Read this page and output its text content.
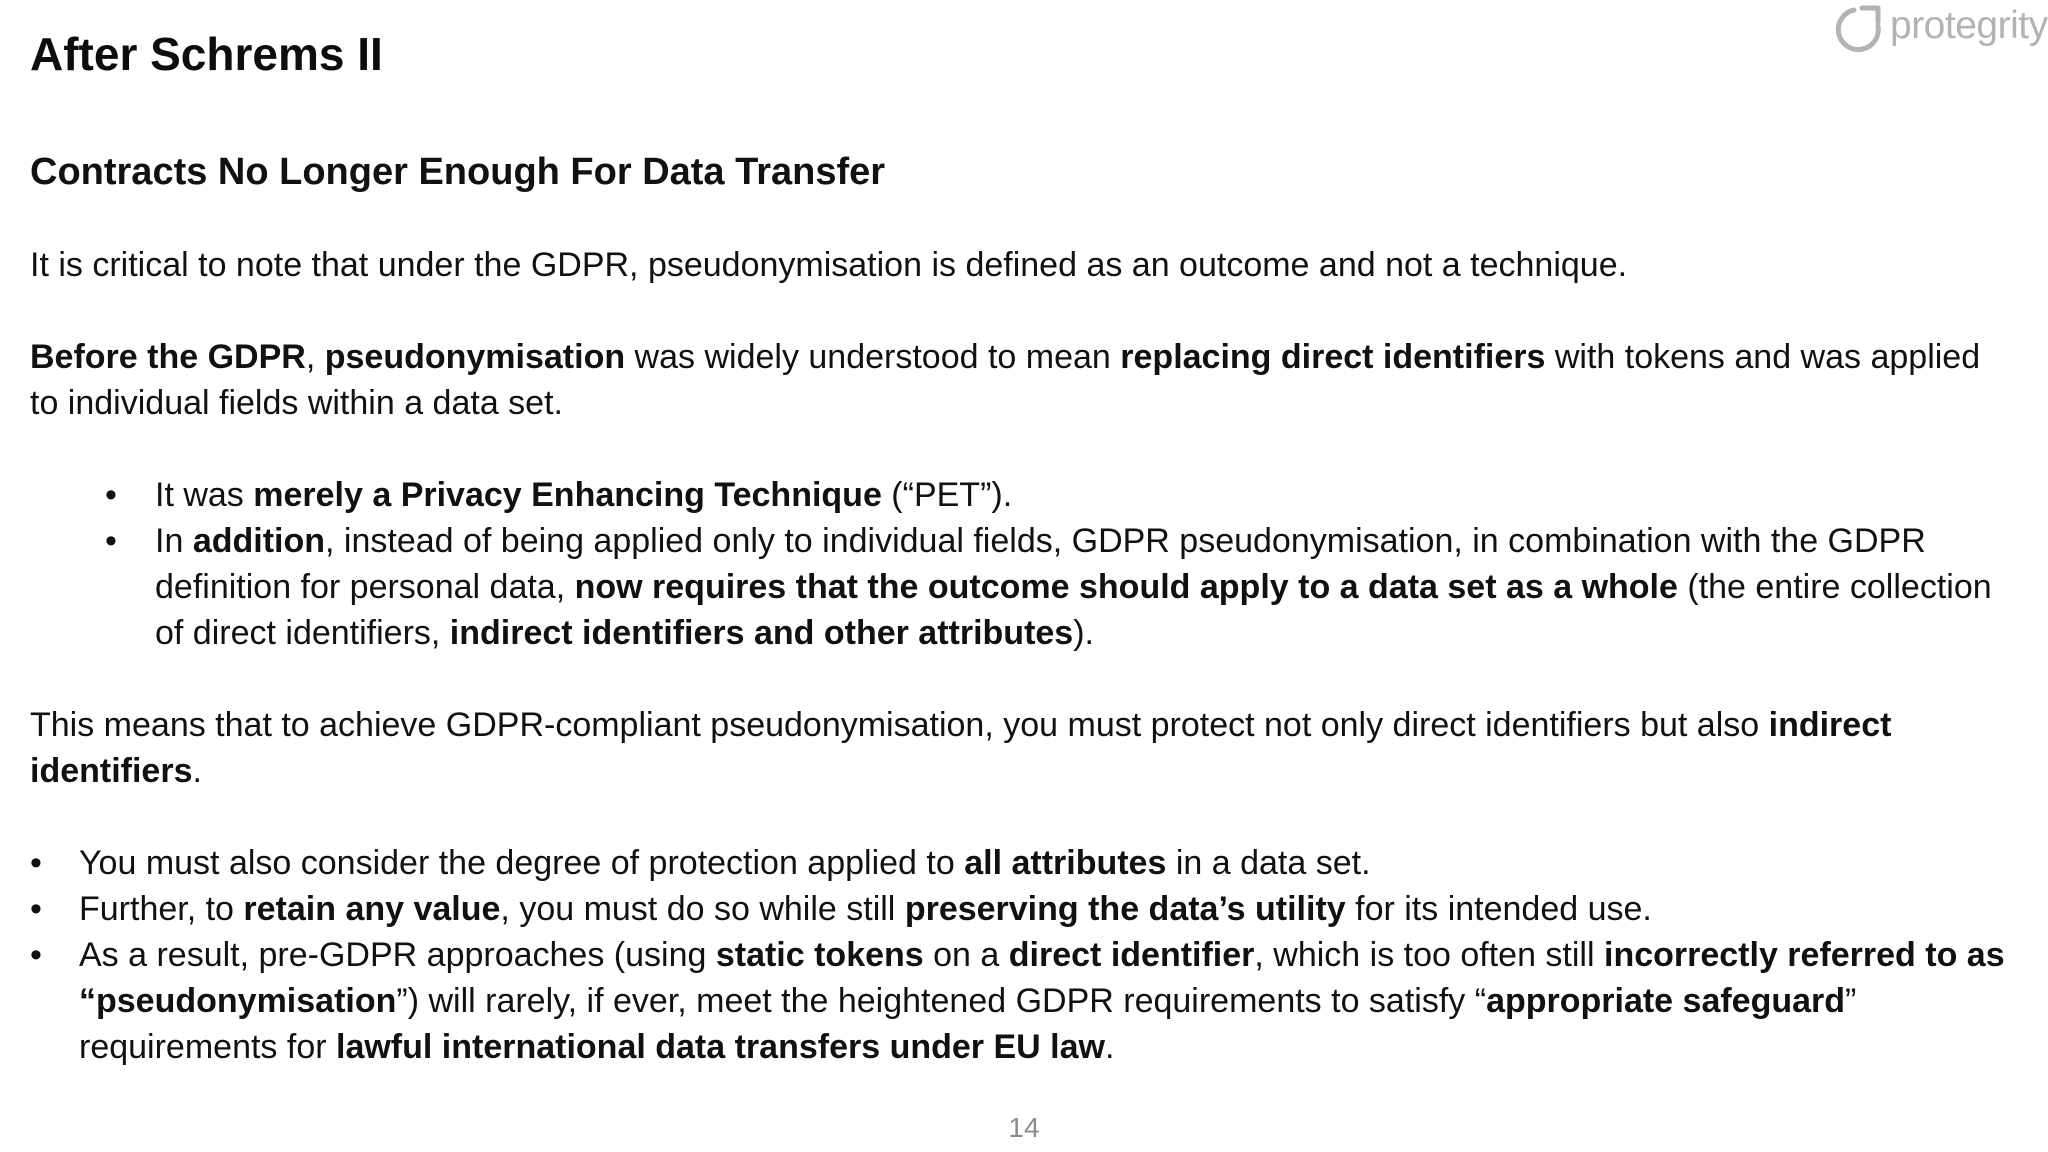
After Schrems II
protegrity

Contracts No Longer Enough For Data Transfer

It is critical to note that under the GDPR, pseudonymisation is defined as an outcome and not a technique.

Before the GDPR, pseudonymisation was widely understood to mean replacing direct identifiers with tokens and was applied to individual fields within a data set.

• It was merely a Privacy Enhancing Technique (“PET”).
• In addition, instead of being applied only to individual fields, GDPR pseudonymisation, in combination with the GDPR definition for personal data, now requires that the outcome should apply to a data set as a whole (the entire collection of direct identifiers, indirect identifiers and other attributes).

This means that to achieve GDPR-compliant pseudonymisation, you must protect not only direct identifiers but also indirect identifiers.

• You must also consider the degree of protection applied to all attributes in a data set.
• Further, to retain any value, you must do so while still preserving the data’s utility for its intended use.
• As a result, pre-GDPR approaches (using static tokens on a direct identifier, which is too often still incorrectly referred to as “pseudonymisation”) will rarely, if ever, meet the heightened GDPR requirements to satisfy “appropriate safeguard” requirements for lawful international data transfers under EU law.
14
